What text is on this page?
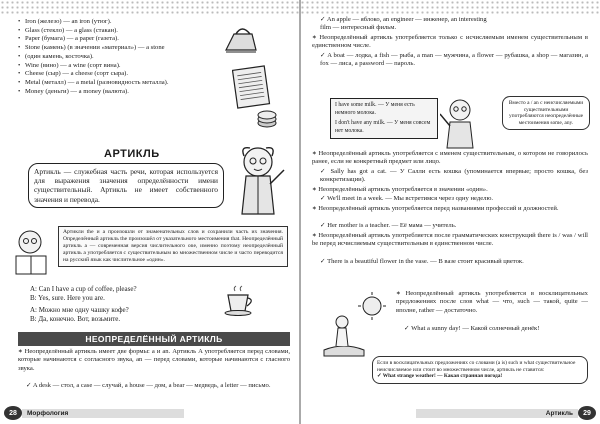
• Iron (железо) — an iron (утюг).
• Glass (стекло) — a glass (стакан).
• Paper (бумага) — a paper (газета).
• Stone (камень) (в значении «материал») — a stone
• (один камень, косточка).
• Wine (вино) — a wine (сорт вина).
• Cheese (сыр) — a cheese (сорт сыра).
• Metal (металл) — a metal (разновидность металла).
• Money (деньги) — a money (валюта).
АРТИКЛЬ
Артикль — служебная часть речи, которая используется для выражения значения определённости имени существительный. Артикль не имеет собственного значения и перевода.
Артикли the и a произошли от знаменательных слов и сохранили часть их значения. Определённый артикль the произошёл от указательного местоимения that. Неопределённый артикль a — современная версия числительного one, именно поэтому неопределённый артикль a употребляется с существительным во множественном числе и часто переводится на русский язык как числительное «один».
A: Can I have a cup of coffee, please?
B: Yes, sure. Here you are.
А: Можно мне одну чашку кофе?
В: Да, конечно. Вот, возьмите.
НЕОПРЕДЕЛЁННЫЙ АРТИКЛЬ
∗ Неопределённый артикль имеет две формы: a и an. Артикль A употребляется перед словами, которые начинаются с согласного звука, an — перед словами, которые начинаются с гласного звука.
✓ A desk — стол, a case — случай, a house — дом, a bear — медведь, a letter — письмо.
28	Морфология
✓ An apple — яблоко, an engineer — инженер, an interesting
film — интересный фильм.
∗ Неопределённый артикль употребляется только с исчисляемым именем существительным в единственном числе.
✓ A boat — лодка, a fish — рыба, a man — мужчина, a flower — рубашка, a shop — магазин, a fox — лиса, a password — пароль.
I have some milk. — У меня есть немного молока.
I don't have any milk. — У меня совсем нет молока.
Вместо a / an с неисчисляемыми существительными употребляются неопределённые местоимения some, any.
∗ Неопределённый артикль употребляется с именем существительным, о котором не говорилось ранее, если не конкретный предмет или лицо.
✓ Sally has got a cat. — У Салли есть кошка (упоминается впервые; просто кошка, без конкретизации).
∗ Неопределённый артикль употребляется в значении «один».
✓ We'll meet in a week. — Мы встретимся через одну неделю.
∗ Неопределённый артикль употребляется перед названиями профессий и должностей.
✓ Her mother is a teacher. — Её мама — учитель.
∗ Неопределённый артикль употребляется после грамматических конструкций there is / was / will be перед исчисляемым существительным в единственном числе.
✓ There is a beautiful flower in the vase. — В вазе стоит красивый цветок.
∗ Неопределённый артикль употребляется в восклицательных предложениях после слов what — что, such — такой, quite — вполне, rather — достаточно.
✓ What a sunny day! — Какой солнечный денёк!
Если в восклицательных предложениях со словами (a is) such и what существительное неисчисляемое или стоит во множественном числе, артикль не ставится:
✓ What strange weather! — Какая странная погода!
Артикль	29
